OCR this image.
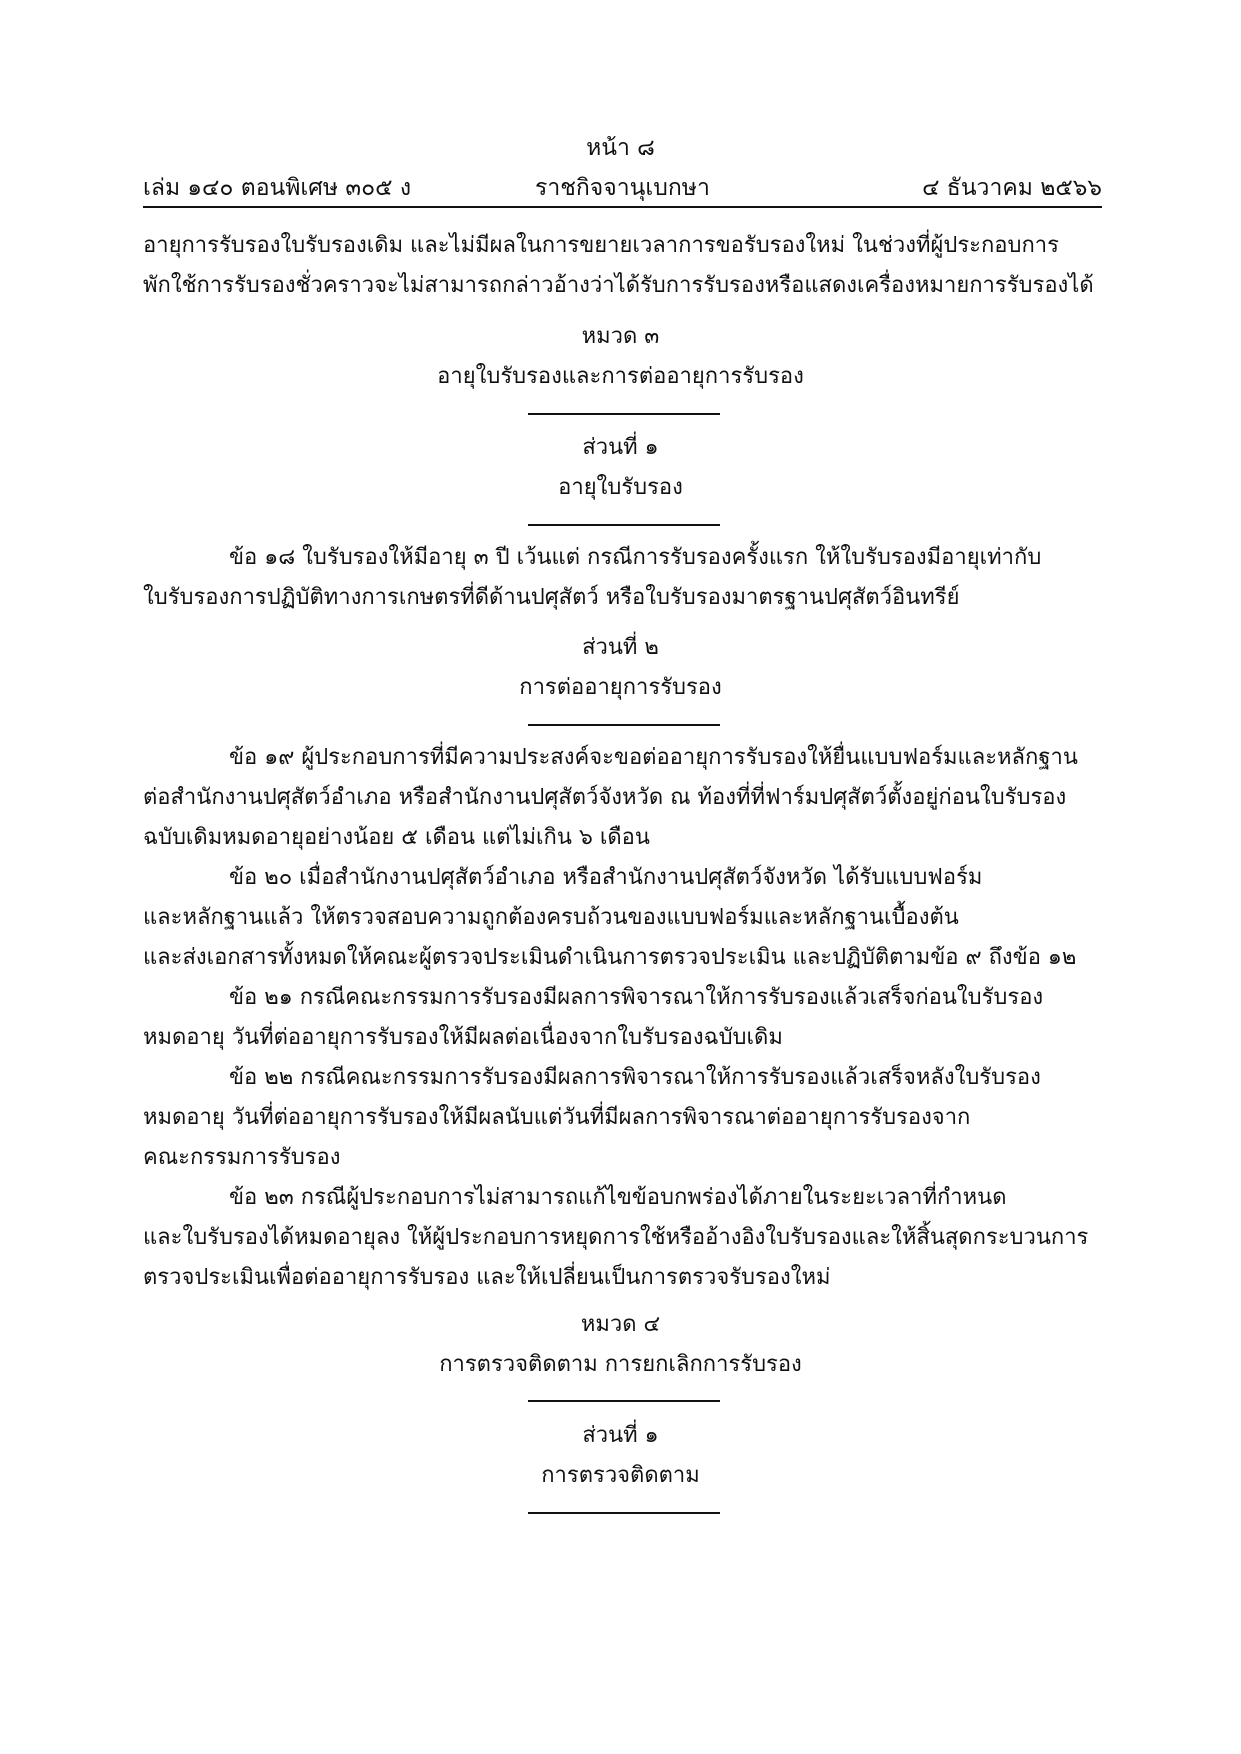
หน้า ๘
เล่ม ๑๔๐ ตอนพิเศษ ๓๐๕ ง	ราชกิจจานุเบกษา	๔ ธันวาคม ๒๕๖๖
อายุการรับรองใบรับรองเดิม และไม่มีผลในการขยายเวลาการขอรับรองใหม่ ในช่วงที่ผู้ประกอบการ
พักใช้การรับรองชั่วคราวจะไม่สามารถกล่าวอ้างว่าได้รับการรับรองหรือแสดงเครื่องหมายการรับรองได้
หมวด ๓
อายุใบรับรองและการต่ออายุการรับรอง
ส่วนที่ ๑
อายุใบรับรอง
ข้อ ๑๘ ใบรับรองให้มีอายุ ๓ ปี เว้นแต่ กรณีการรับรองครั้งแรก ให้ใบรับรองมีอายุเท่ากับ
ใบรับรองการปฏิบัติทางการเกษตรที่ดีด้านปศุสัตว์ หรือใบรับรองมาตรฐานปศุสัตว์อินทรีย์
ส่วนที่ ๒
การต่ออายุการรับรอง
ข้อ ๑๙ ผู้ประกอบการที่มีความประสงค์จะขอต่ออายุการรับรองให้ยื่นแบบฟอร์มและหลักฐาน
ต่อสำนักงานปศุสัตว์อำเภอ หรือสำนักงานปศุสัตว์จังหวัด ณ ท้องที่ที่ฟาร์มปศุสัตว์ตั้งอยู่ก่อนใบรับรอง
ฉบับเดิมหมดอายุอย่างน้อย ๕ เดือน แต่ไม่เกิน ๖ เดือน
ข้อ ๒๐ เมื่อสำนักงานปศุสัตว์อำเภอ หรือสำนักงานปศุสัตว์จังหวัด ได้รับแบบฟอร์ม
และหลักฐานแล้ว ให้ตรวจสอบความถูกต้องครบถ้วนของแบบฟอร์มและหลักฐานเบื้องต้น
และส่งเอกสารทั้งหมดให้คณะผู้ตรวจประเมินดำเนินการตรวจประเมิน และปฏิบัติตามข้อ ๙ ถึงข้อ ๑๒
ข้อ ๒๑ กรณีคณะกรรมการรับรองมีผลการพิจารณาให้การรับรองแล้วเสร็จก่อนใบรับรอง
หมดอายุ วันที่ต่ออายุการรับรองให้มีผลต่อเนื่องจากใบรับรองฉบับเดิม
ข้อ ๒๒ กรณีคณะกรรมการรับรองมีผลการพิจารณาให้การรับรองแล้วเสร็จหลังใบรับรอง
หมดอายุ วันที่ต่ออายุการรับรองให้มีผลนับแต่วันที่มีผลการพิจารณาต่ออายุการรับรองจาก
คณะกรรมการรับรอง
ข้อ ๒๓ กรณีผู้ประกอบการไม่สามารถแก้ไขข้อบกพร่องได้ภายในระยะเวลาที่กำหนด
และใบรับรองได้หมดอายุลง ให้ผู้ประกอบการหยุดการใช้หรืออ้างอิงใบรับรองและให้สิ้นสุดกระบวนการ
ตรวจประเมินเพื่อต่ออายุการรับรอง และให้เปลี่ยนเป็นการตรวจรับรองใหม่
หมวด ๔
การตรวจติดตาม การยกเลิกการรับรอง
ส่วนที่ ๑
การตรวจติดตาม
